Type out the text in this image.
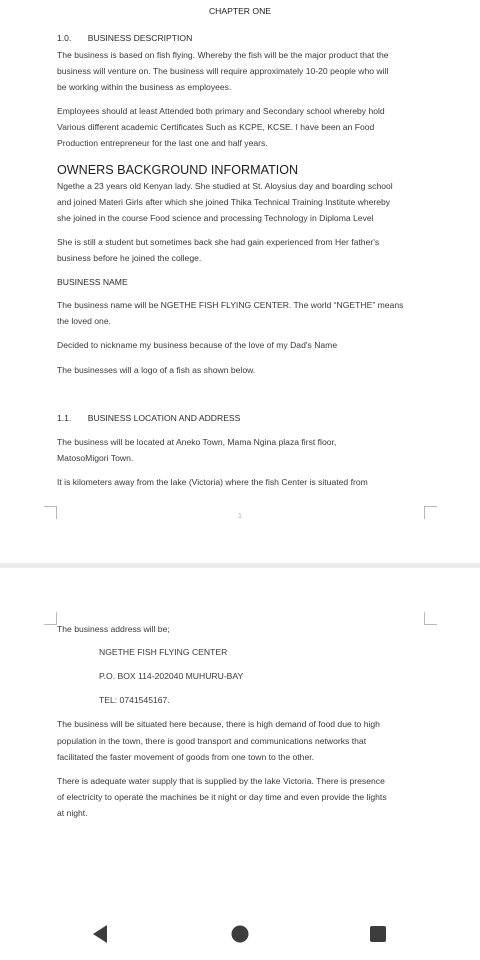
CHAPTER ONE
1.0. BUSINESS DESCRIPTION

The business is based on fish flying. Whereby the fish will be the major product that the

business will venture on. The business will require approximately 10-20 people who will

be working within the business as employees.

Employees should at least Attended both primary and Secondary school whereby hold

Various different academic Certificates Such as KCPE, KCSE. I have been an Food

Production entrepreneur for the last one and half years.

OWNERS BACKGROUND INFORMATION

Ngethe a 23 years old Kenyan lady. She studied at St. Aloysius day and boarding school

and joined Materi Girls after which she joined Thika Technical Training Institute whereby

she joined in the course Food science and processing Technology in Diploma Level

She is still a student but sometimes back she had gain experienced from Her father's

business before he joined the college.

BUSINESS NAME

The business name will be NGETHE FISH FLYING CENTER. The world “NGETHE” means

the loved one.

Decided to nickname my business because of the love of my Dad's Name

The businesses will a logo of a fish as shown below.

1.1. BUSINESS LOCATION AND ADDRESS

The business will be located at Aneko Town, Mama Ngina plaza first floor,

MatosoMigori Town.

It is kilometers away from the lake (Victoria) where the fish Center is situated from

1

The business address will be;

NGETHE FISH FLYING CENTER

P.O. BOX 114-202040 MUHURU-BAY

TEL: 0741545167.

The business will be situated here because, there is high demand of food due to high

population in the town, there is good transport and communications networks that

facilitated the faster movement of goods from one town to the other.

There is adequate water supply that is supplied by the lake Victoria. There is presence

of electricity to operate the machines be it night or day time and even provide the lights

at night.
